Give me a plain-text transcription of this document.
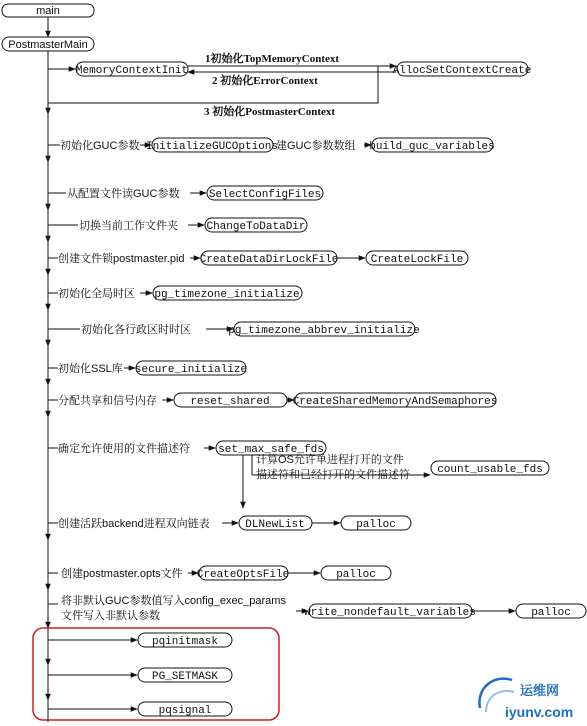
main
PostmasterMain
MemoryContextInit
1初始化TopMemoryContext
2 初始化ErrorContext
AllocSetContextCreate
3 初始化PostmasterContext
初始化GUC参数 InitializeGUCOptions
建GUC参数数组 build_guc_variables
从配置文件读GUC参数	SelectConfigFiles
切换当前工作文件夹	ChangeToDataDir
创建文件锁postmaster.pid CreateDataDirLockFile	CreateLockFile
初始化全局时区 pg_timezone_initialize
初始化各行政区时时区	pg_timezone_abbrev_initialize
初始化SSL库 secure_initialize
分配共享和信号内存	reset_shared CreateSharedMemoryAndSemaphores
确定允许使用的文件描述符	set_max_safe_fds
计算OS允许单进程打开的文件
描述符和已经打开的文件描述符 count_usable_fds
创建活跃backend进程双向链表	DLNewList	palloc
创建postmaster.opts文件 CreateOptsFile	palloc
将非默认GUC参数值写入config_exec_params
文件写入非默认参数	write_nondefault_variables	palloc
pqinitmask
PG_SETMASK
pqsignal
运维网
iyunv.com
